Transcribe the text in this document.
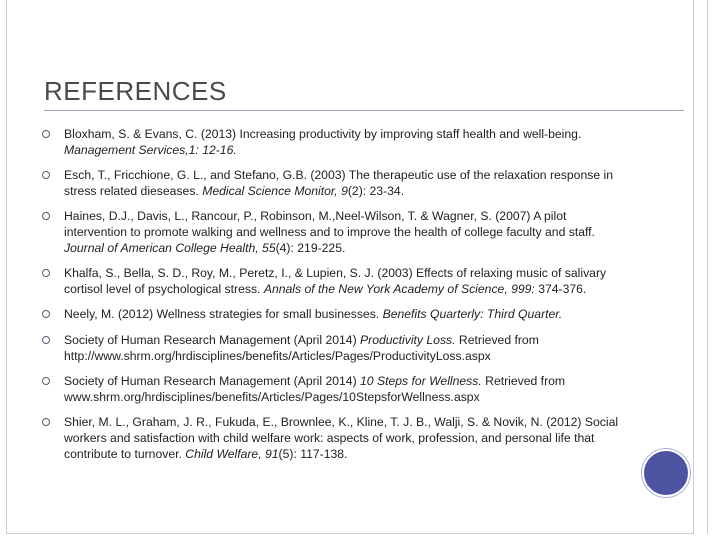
REFERENCES
Bloxham, S. & Evans, C. (2013) Increasing productivity by improving staff health and well-being. Management Services,1: 12-16.
Esch, T., Fricchione, G. L., and Stefano, G.B. (2003) The therapeutic use of the relaxation response in stress related dieseases. Medical Science Monitor, 9(2): 23-34.
Haines, D.J., Davis, L., Rancour, P., Robinson, M.,Neel-Wilson, T. & Wagner, S. (2007) A pilot intervention to promote walking and wellness and to improve the health of college faculty and staff. Journal of American College Health, 55(4): 219-225.
Khalfa, S., Bella, S. D., Roy, M., Peretz, I., & Lupien, S. J. (2003) Effects of relaxing music of salivary cortisol level of psychological stress. Annals of the New York Academy of Science, 999: 374-376.
Neely, M. (2012) Wellness strategies for small businesses. Benefits Quarterly: Third Quarter.
Society of Human Research Management (April 2014) Productivity Loss. Retrieved from http://www.shrm.org/hrdisciplines/benefits/Articles/Pages/ProductivityLoss.aspx
Society of Human Research Management (April 2014) 10 Steps for Wellness. Retrieved from www.shrm.org/hrdisciplines/benefits/Articles/Pages/10StepsforWellness.aspx
Shier, M. L., Graham, J. R., Fukuda, E., Brownlee, K., Kline, T. J. B., Walji, S. & Novik, N. (2012) Social workers and satisfaction with child welfare work: aspects of work, profession, and personal life that contribute to turnover. Child Welfare, 91(5): 117-138.
